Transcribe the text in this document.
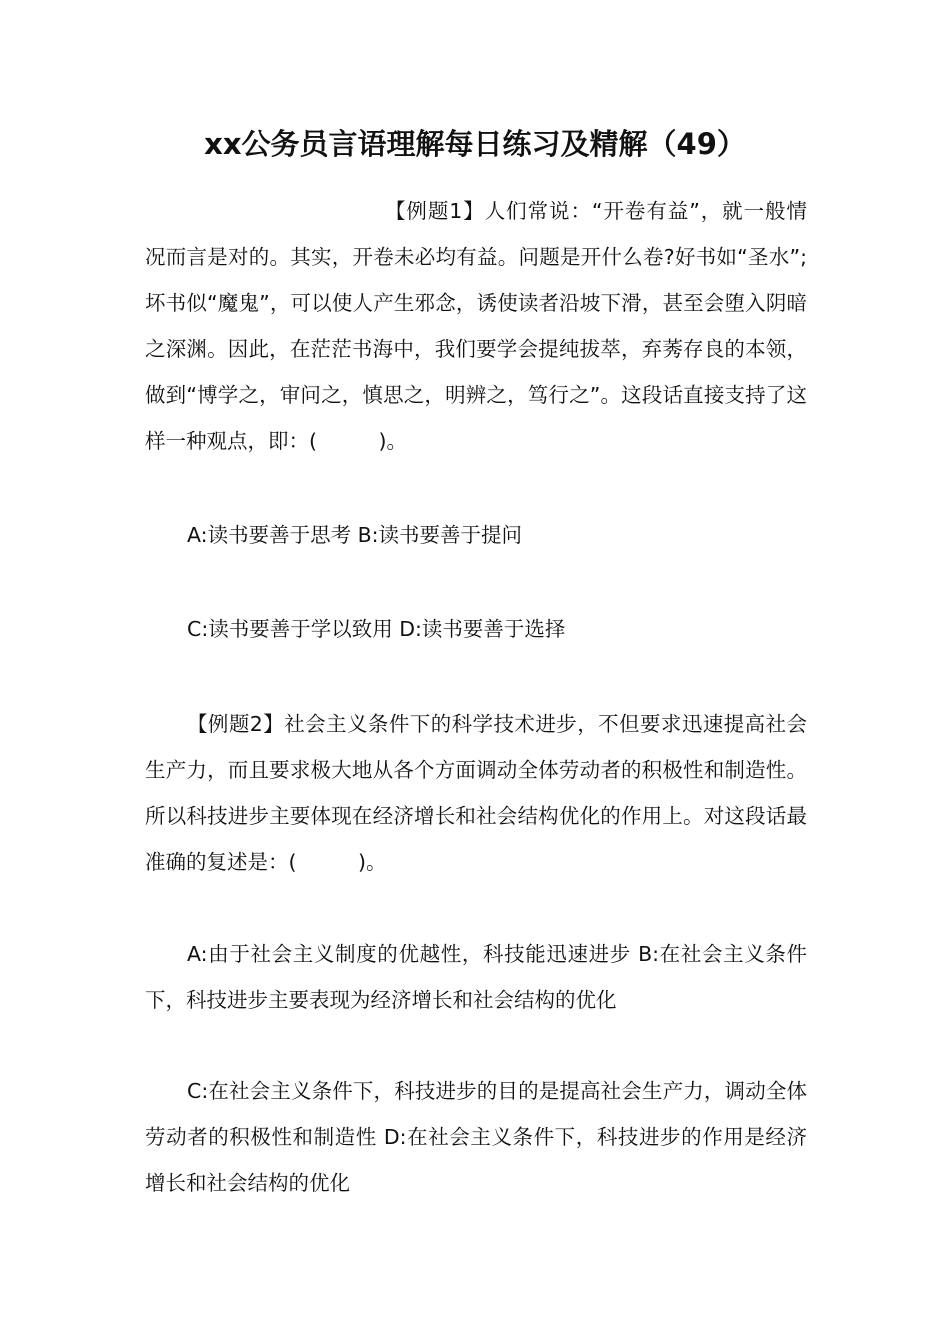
xx公务员言语理解每日练习及精解（49）

【例题1】人们常说：“开卷有益”，就一般情况而言是对的。其实，开卷未必均有益。问题是开什么卷?好书如“圣水”;坏书似“魔鬼”，可以使人产生邪念，诱使读者沿坡下滑，甚至会堕入阴暗之深渊。因此，在茫茫书海中，我们要学会提纯拔萃，弃莠存良的本领，做到“博学之，审问之，慎思之，明辨之，笃行之”。这段话直接支持了这样一种观点，即：(　　　)。

A:读书要善于思考 B:读书要善于提问

C:读书要善于学以致用 D:读书要善于选择

【例题2】社会主义条件下的科学技术进步，不但要求迅速提高社会生产力，而且要求极大地从各个方面调动全体劳动者的积极性和制造性。所以科技进步主要体现在经济增长和社会结构优化的作用上。对这段话最准确的复述是：(　　　)。

A:由于社会主义制度的优越性，科技能迅速进步 B:在社会主义条件下，科技进步主要表现为经济增长和社会结构的优化

C:在社会主义条件下，科技进步的目的是提高社会生产力，调动全体劳动者的积极性和制造性 D:在社会主义条件下，科技进步的作用是经济增长和社会结构的优化
